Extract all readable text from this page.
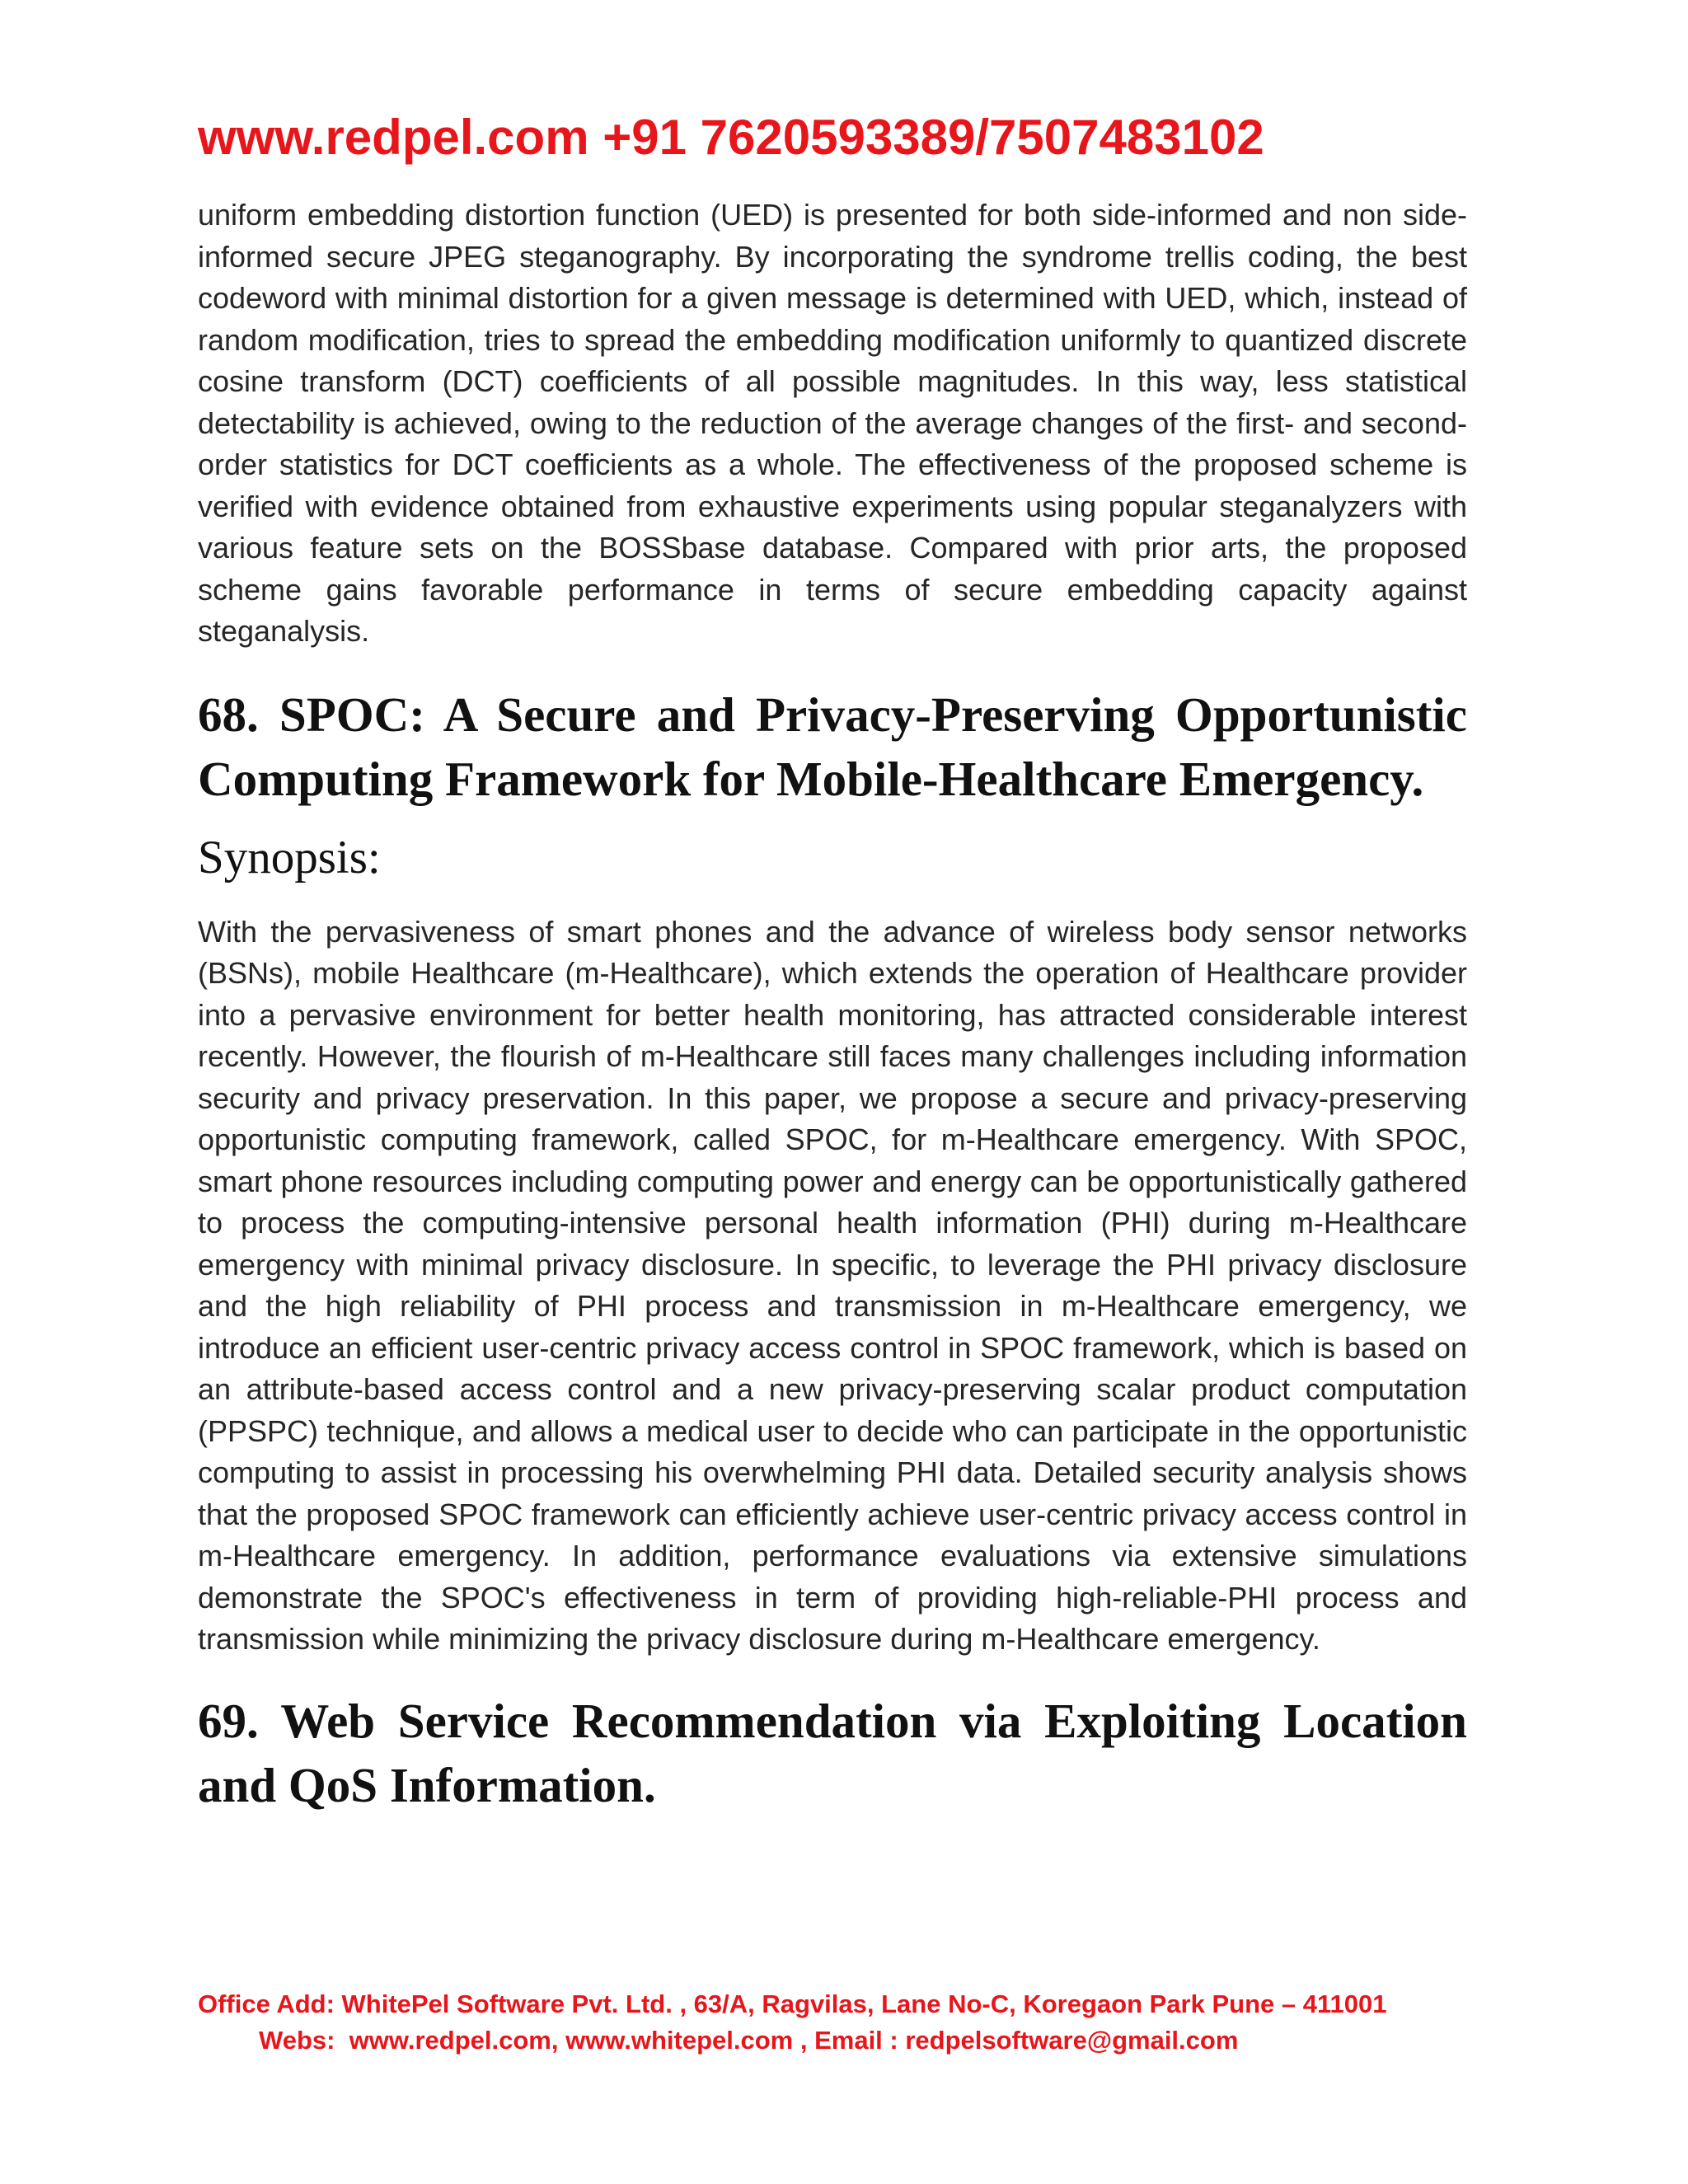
www.redpel.com +91 7620593389/7507483102

uniform embedding distortion function (UED) is presented for both side-informed and non side-informed secure JPEG steganography. By incorporating the syndrome trellis coding, the best codeword with minimal distortion for a given message is determined with UED, which, instead of random modification, tries to spread the embedding modification uniformly to quantized discrete cosine transform (DCT) coefficients of all possible magnitudes. In this way, less statistical detectability is achieved, owing to the reduction of the average changes of the first- and second-order statistics for DCT coefficients as a whole. The effectiveness of the proposed scheme is verified with evidence obtained from exhaustive experiments using popular steganalyzers with various feature sets on the BOSSbase database. Compared with prior arts, the proposed scheme gains favorable performance in terms of secure embedding capacity against steganalysis.

68. SPOC: A Secure and Privacy-Preserving Opportunistic
Computing Framework for Mobile-Healthcare Emergency.

Synopsis:

With the pervasiveness of smart phones and the advance of wireless body sensor networks (BSNs), mobile Healthcare (m-Healthcare), which extends the operation of Healthcare provider into a pervasive environment for better health monitoring, has attracted considerable interest recently. However, the flourish of m-Healthcare still faces many challenges including information security and privacy preservation. In this paper, we propose a secure and privacy-preserving opportunistic computing framework, called SPOC, for m-Healthcare emergency. With SPOC, smart phone resources including computing power and energy can be opportunistically gathered to process the computing-intensive personal health information (PHI) during m-Healthcare emergency with minimal privacy disclosure. In specific, to leverage the PHI privacy disclosure and the high reliability of PHI process and transmission in m-Healthcare emergency, we introduce an efficient user-centric privacy access control in SPOC framework, which is based on an attribute-based access control and a new privacy-preserving scalar product computation (PPSPC) technique, and allows a medical user to decide who can participate in the opportunistic computing to assist in processing his overwhelming PHI data. Detailed security analysis shows that the proposed SPOC framework can efficiently achieve user-centric privacy access control in m-Healthcare emergency. In addition, performance evaluations via extensive simulations demonstrate the SPOC's effectiveness in term of providing high-reliable-PHI process and transmission while minimizing the privacy disclosure during m-Healthcare emergency.

69. Web Service Recommendation via Exploiting Location
and QoS Information.
Office Add: WhitePel Software Pvt. Ltd. , 63/A, Ragvilas, Lane No-C, Koregaon Park Pune – 411001
Webs:  www.redpel.com, www.whitepel.com , Email : redpelsoftware@gmail.com
